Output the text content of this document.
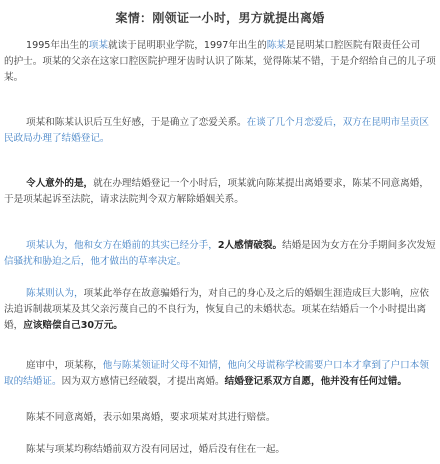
案情：刚领证一小时，男方就提出离婚
1995年出生的项某就读于昆明职业学院，1997年出生的陈某是昆明某口腔医院有限责任公司
的护士。项某的父亲在这家口腔医院护理牙齿时认识了陈某，觉得陈某不错，于是介绍给自己的儿子项
某。
项某和陈某认识后互生好感，于是确立了恋爱关系。在谈了几个月恋爱后，双方在昆明市呈贡区
民政局办理了结婚登记。
令人意外的是，就在办理结婚登记一个小时后，项某就向陈某提出离婚要求，陈某不同意离婚，
于是项某起诉至法院，请求法院判令双方解除婚姻关系。
项某认为，他和女方在婚前的其实已经分手，2人感情破裂。结婚是因为女方在分手期间多次发短
信骚扰和胁迫之后，他才做出的草率决定。
陈某则认为，项某此举存在故意骗婚行为，对自己的身心及之后的婚姻生涯造成巨大影响，应依
法追诉制裁项某及其父亲污蔑自己的不良行为，恢复自己的未婚状态。项某在结婚后一个小时提出离
婚，应该赔偿自己30万元。
庭审中，项某称，他与陈某领证时父母不知情，他向父母谎称学校需要户口本才拿到了户口本领
取的结婚证。因为双方感情已经破裂，才提出离婚。结婚登记系双方自愿，他并没有任何过错。
陈某不同意离婚，表示如果离婚，要求项某对其进行赔偿。
陈某与项某均称结婚前双方没有同居过，婚后没有住在一起。
